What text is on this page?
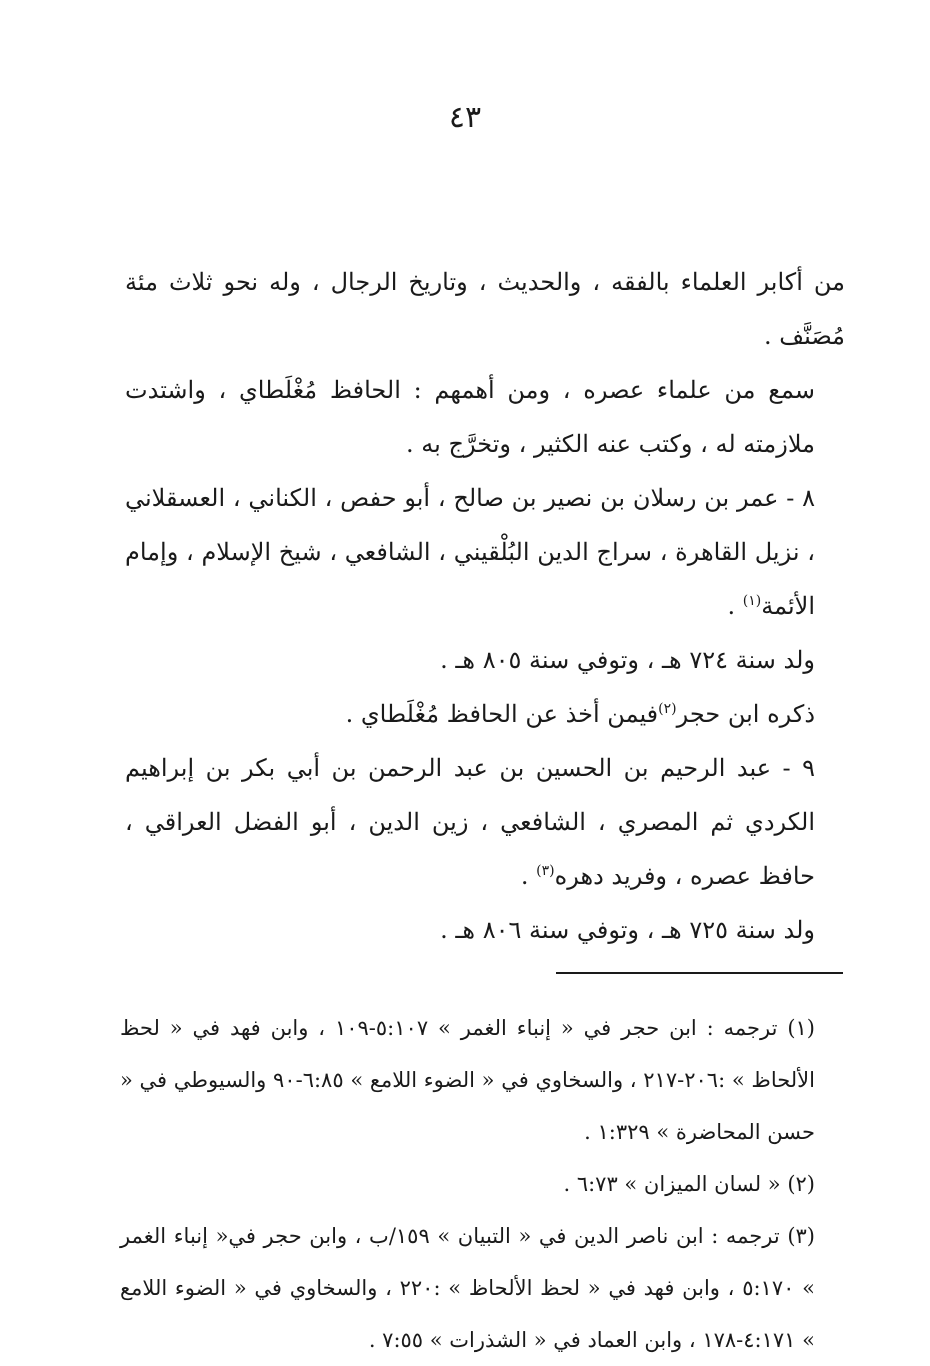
٤٣

من أكابر العلماء بالفقه ، والحديث ، وتاريخ الرجال ، وله نحو ثلاث مئة مُصَنَّف .

سمع من علماء عصره ، ومن أهمهم : الحافظ مُغْلَطاي ، واشتدت ملازمته له ، وكتب عنه الكثير ، وتخرَّج به .

٨ - عمر بن رسلان بن نصير بن صالح ، أبو حفص ، الكناني ، العسقلاني ، نزيل القاهرة ، سراج الدين البُلْقيني ، الشافعي ، شيخ الإسلام ، وإمام الأئمة$^{(١)}$ .

ولد سنة ٧٢٤ هـ ، وتوفي سنة ٨٠٥ هـ .

ذكره ابن حجر$^{(٢)}$فيمن أخذ عن الحافظ مُغْلَطاي .

٩ - عبد الرحيم بن الحسين بن عبد الرحمن بن أبي بكر بن إبراهيم الكردي ثم المصري ، الشافعي ، زين الدين ، أبو الفضل العراقي ، حافظ عصره ، وفريد دهره$^{(٣)}$ .

ولد سنة ٧٢٥ هـ ، وتوفي سنة ٨٠٦ هـ .

(١) ترجمه : ابن حجر في « إنباء الغمر » ٥:١٠٧-١٠٩ ، وابن فهد في « لحظ الألحاظ » :٢٠٦-٢١٧ ، والسخاوي في « الضوء اللامع » ٦:٨٥-٩٠ والسيوطي في « حسن المحاضرة » ١:٣٢٩ .

(٢) « لسان الميزان » ٦:٧٣ .

(٣) ترجمه : ابن ناصر الدين في « التبيان » ١٥٩/ب ، وابن حجر في« إنباء الغمر » ٥:١٧٠ ، وابن فهد في « لحظ الألحاظ » :٢٢٠ ، والسخاوي في « الضوء اللامع » ٤:١٧١-١٧٨ ، وابن العماد في « الشذرات » ٧:٥٥ .
